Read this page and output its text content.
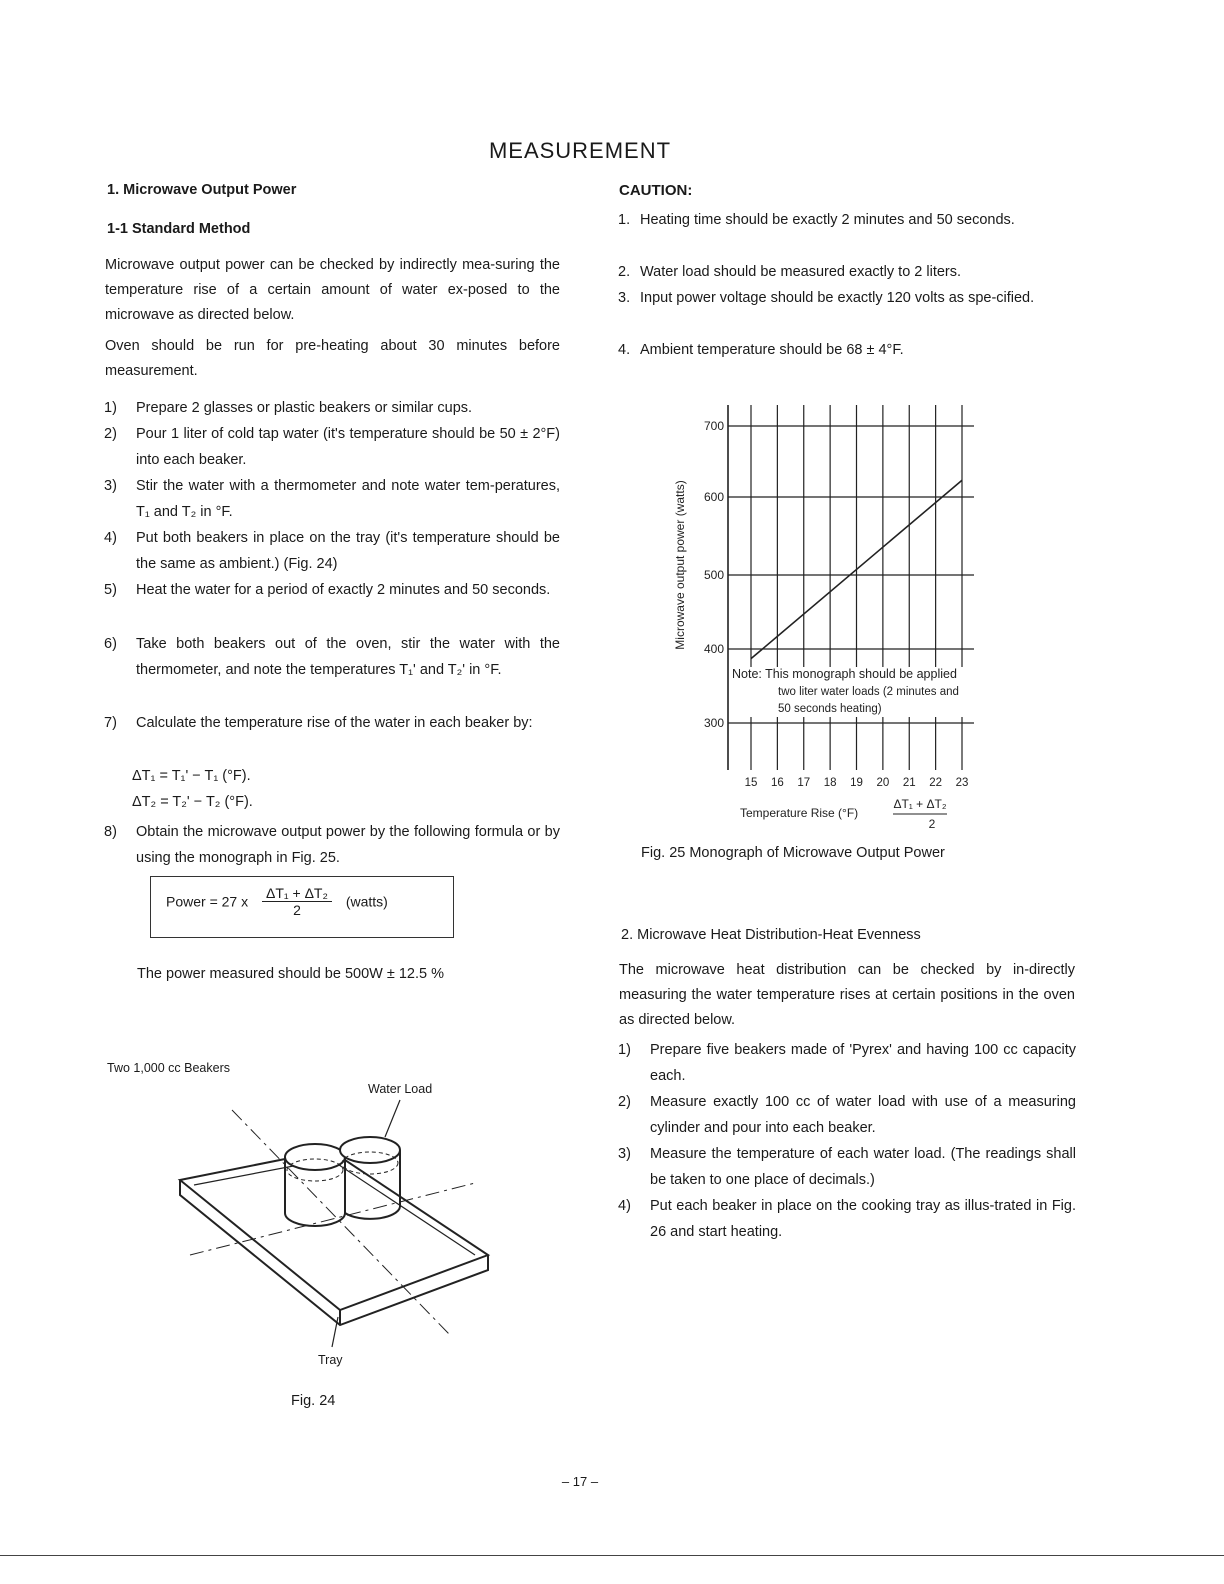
MEASUREMENT
1. Microwave Output Power
1-1 Standard Method
Microwave output power can be checked by indirectly mea-suring the temperature rise of a certain amount of water ex-posed to the microwave as directed below.
Oven should be run for pre-heating about 30 minutes before measurement.
1) Prepare 2 glasses or plastic beakers or similar cups.
2) Pour 1 liter of cold tap water (it's temperature should be 50 ± 2°F) into each beaker.
3) Stir the water with a thermometer and note water tem-peratures, T₁ and T₂ in °F.
4) Put both beakers in place on the tray (it's temperature should be the same as ambient.) (Fig. 24)
5) Heat the water for a period of exactly 2 minutes and 50 seconds.
6) Take both beakers out of the oven, stir the water with the thermometer, and note the temperatures T₁' and T₂' in °F.
7) Calculate the temperature rise of the water in each beaker by:
ΔT₁ = T₁' − T₁ (°F).
ΔT₂ = T₂' − T₂ (°F).
8) Obtain the microwave output power by the following formula or by using the monograph in Fig. 25.
Power = 27 x $\frac{\text{ΔT₁ + ΔT₂}}{2}$ (watts)
The power measured should be 500W ± 12.5 %
Two 1,000 cc Beakers
Water Load
Tray
Fig. 24
CAUTION:
1. Heating time should be exactly 2 minutes and 50 seconds.
2. Water load should be measured exactly to 2 liters.
3. Input power voltage should be exactly 120 volts as spe-cified.
4. Ambient temperature should be 68 ± 4°F.
Microwave output power (watts)
700
600
500
400
300
15 16 17 18 19 20 21 22 23
Note: This monograph should be applied
two liter water loads (2 minutes and
50 seconds heating)
Temperature Rise (°F)
ΔT₁ + ΔT₂
2
Fig. 25 Monograph of Microwave Output Power
2. Microwave Heat Distribution-Heat Evenness
The microwave heat distribution can be checked by in-directly measuring the water temperature rises at certain positions in the oven as directed below.
1) Prepare five beakers made of 'Pyrex' and having 100 cc capacity each.
2) Measure exactly 100 cc of water load with use of a measuring cylinder and pour into each beaker.
3) Measure the temperature of each water load. (The readings shall be taken to one place of decimals.)
4) Put each beaker in place on the cooking tray as illus-trated in Fig. 26 and start heating.
– 17 –
